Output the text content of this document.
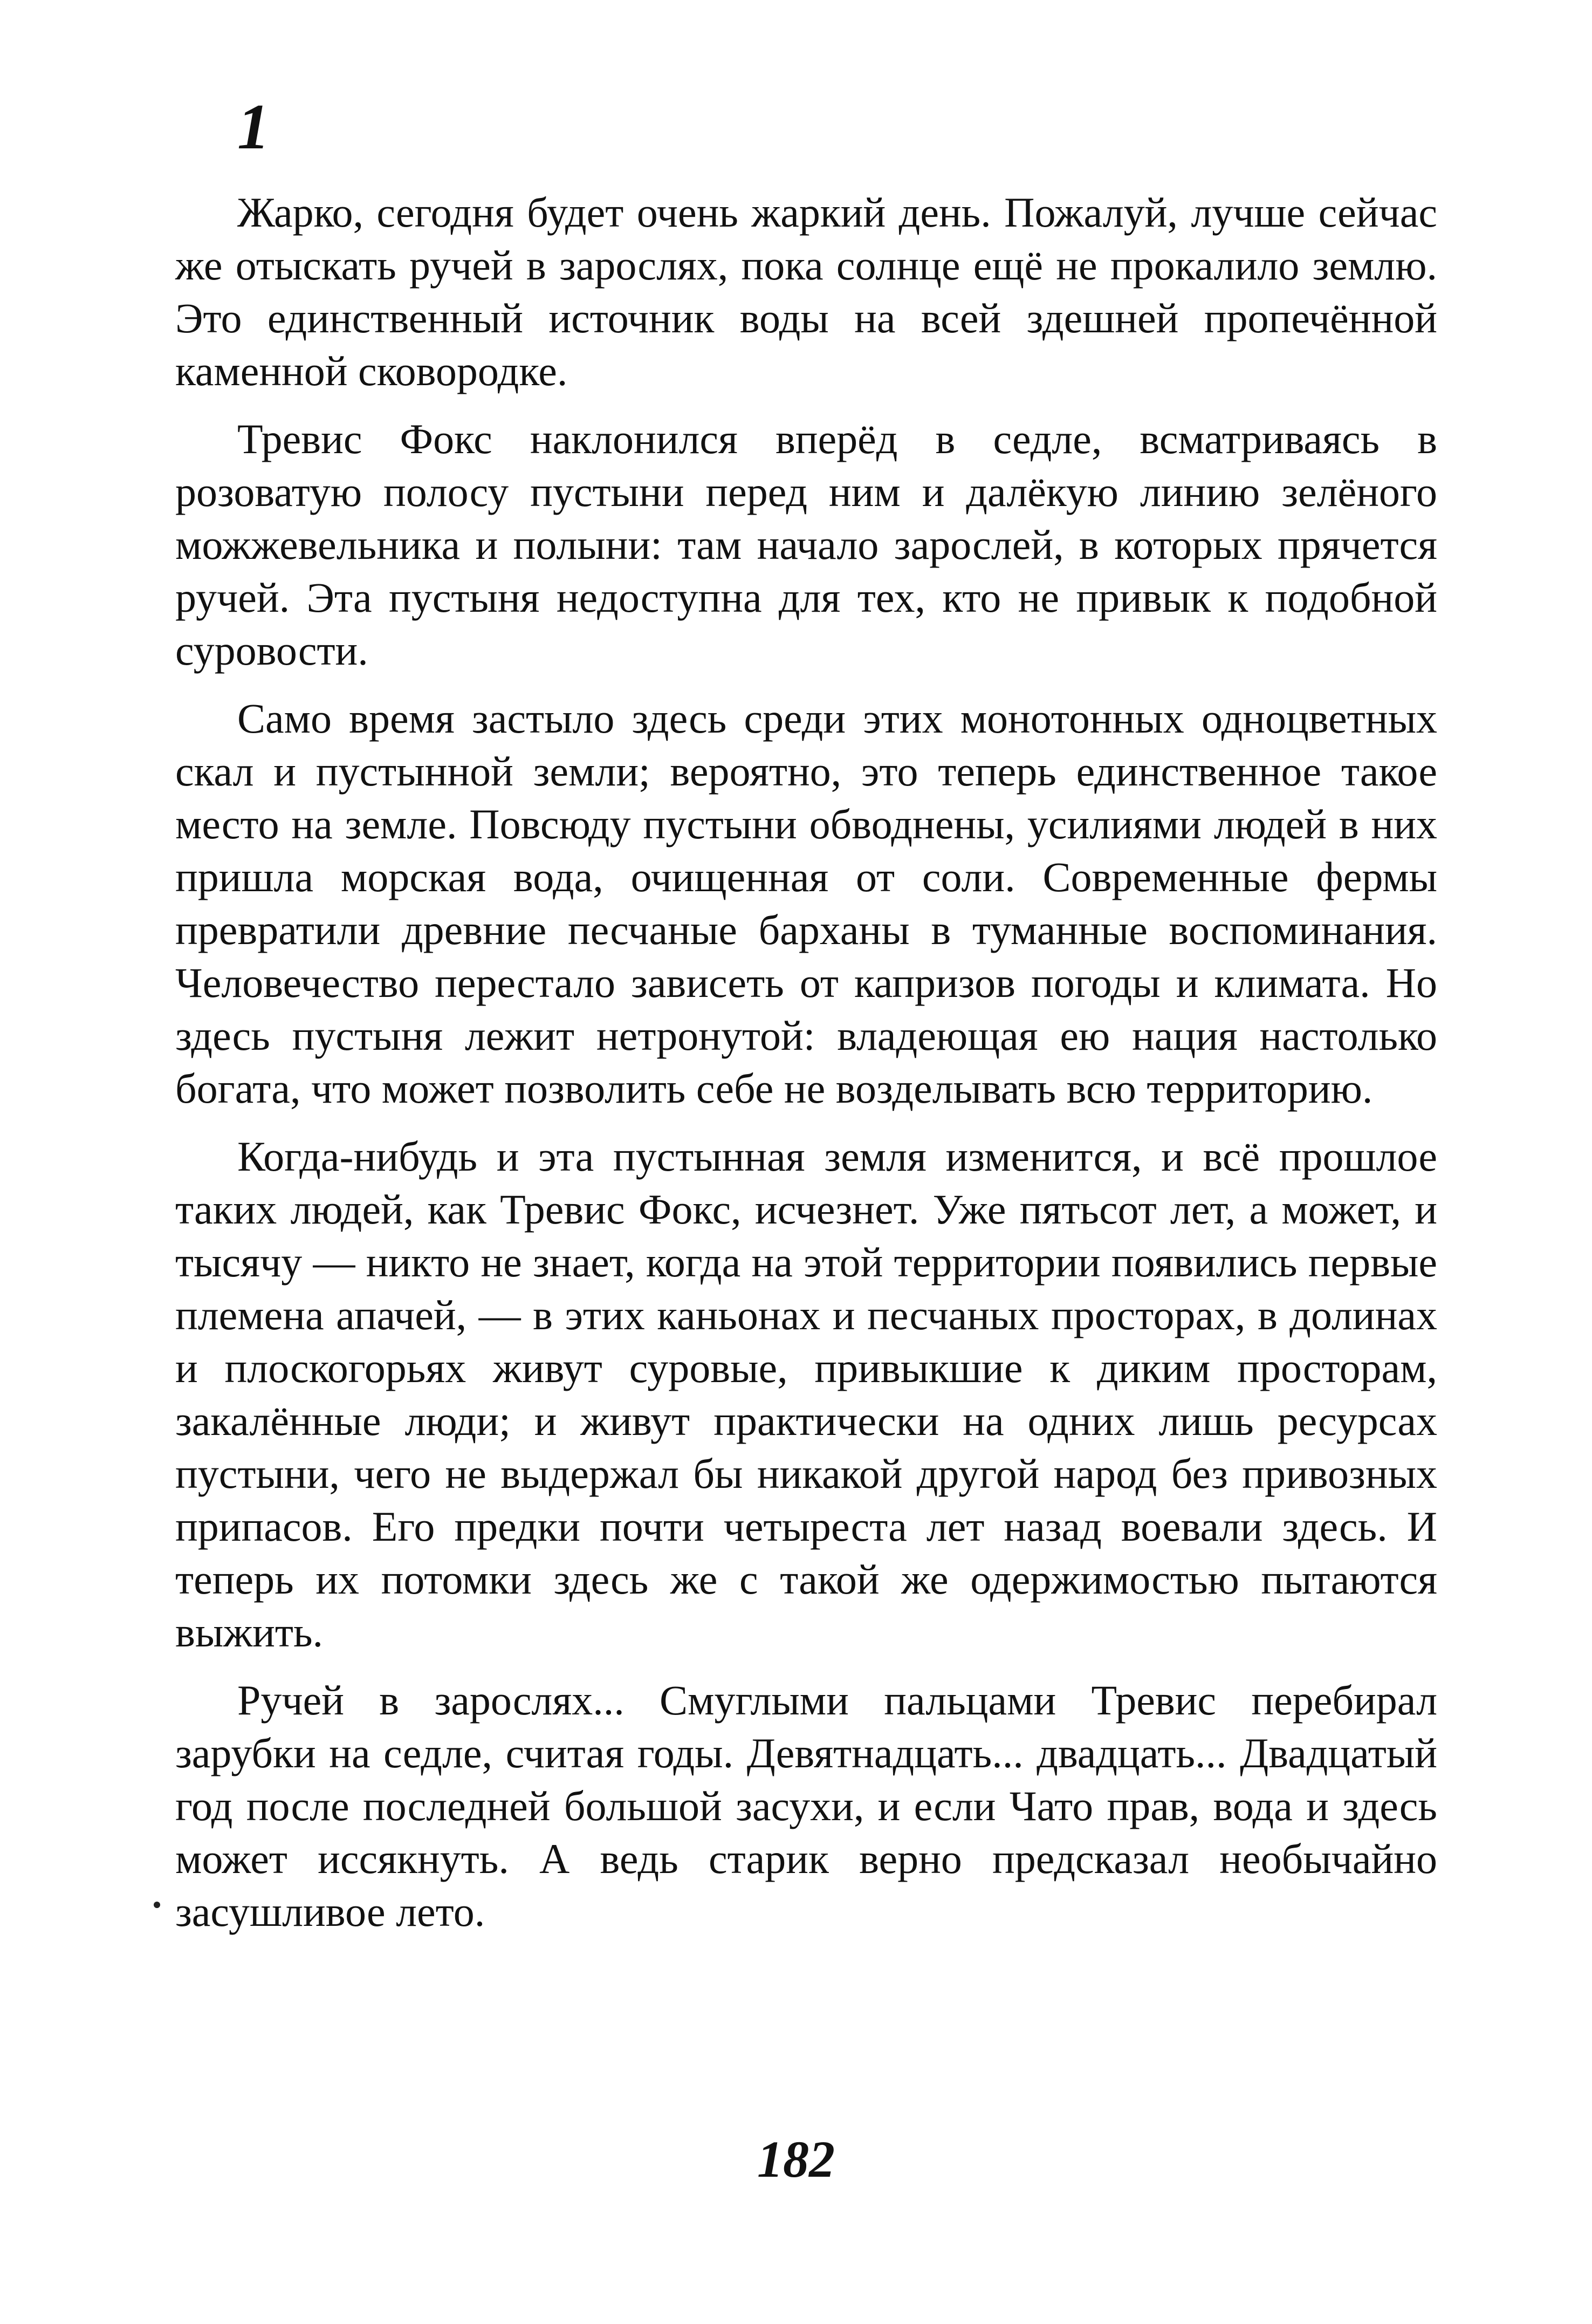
1

Жарко, сегодня будет очень жаркий день. Пожалуй, лучше сейчас же отыскать ручей в зарослях, пока солнце ещё не прокалило землю. Это единственный источник воды на всей здешней пропечённой каменной сковородке.

Тревис Фокс наклонился вперёд в седле, всматриваясь в розоватую полосу пустыни перед ним и далёкую линию зелёного можжевельника и полыни: там начало зарослей, в которых прячется ручей. Эта пустыня недоступна для тех, кто не привык к подобной суровости.

Само время застыло здесь среди этих монотонных одноцветных скал и пустынной земли; вероятно, это теперь единственное такое место на земле. Повсюду пустыни обводнены, усилиями людей в них пришла морская вода, очищенная от соли. Современные фермы превратили древние песчаные барханы в туманные воспоминания. Человечество перестало зависеть от капризов погоды и климата. Но здесь пустыня лежит нетронутой: владеющая ею нация настолько богата, что может позволить себе не возделывать всю территорию.

Когда-нибудь и эта пустынная земля изменится, и всё прошлое таких людей, как Тревис Фокс, исчезнет. Уже пятьсот лет, а может, и тысячу — никто не знает, когда на этой территории появились первые племена апачей, — в этих каньонах и песчаных просторах, в долинах и плоскогорьях живут суровые, привыкшие к диким просторам, закалённые люди; и живут практически на одних лишь ресурсах пустыни, чего не выдержал бы никакой другой народ без привозных припасов. Его предки почти четыреста лет назад воевали здесь. И теперь их потомки здесь же с такой же одержимостью пытаются выжить.

Ручей в зарослях... Смуглыми пальцами Тревис перебирал зарубки на седле, считая годы. Девятнадцать... двадцать... Двадцатый год после последней большой засухи, и если Чато прав, вода и здесь может иссякнуть. А ведь старик верно предсказал необычайно засушливое лето.

182
